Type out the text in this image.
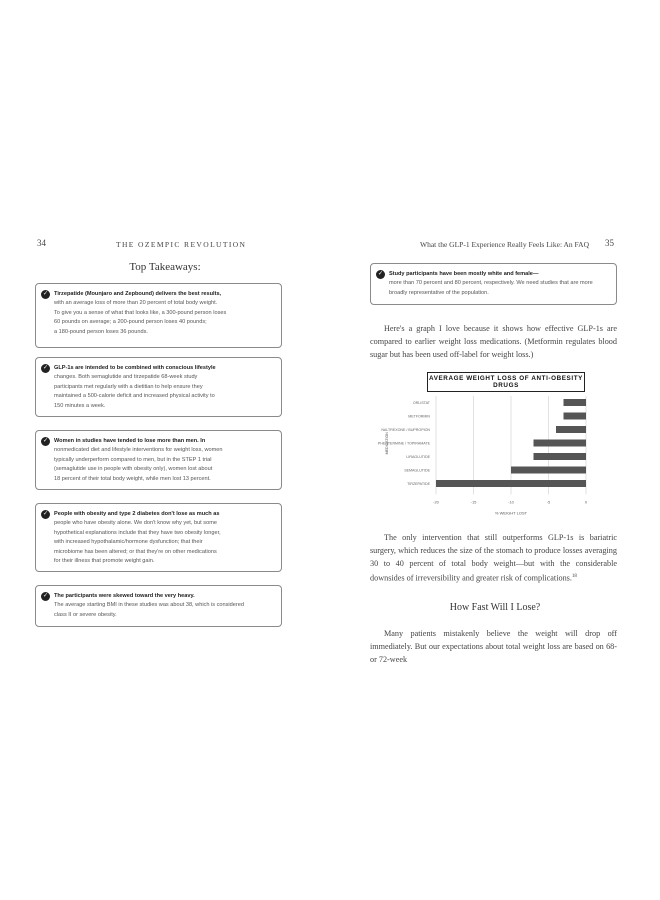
34	THE OZEMPIC REVOLUTION
Top Takeaways:
✓	Tirzepatide (Mounjaro and Zepbound) delivers the best results,
with an average loss of more than 20 percent of total body weight.
To give you a sense of what that looks like, a 300-pound person loses
60 pounds on average; a 200-pound person loses 40 pounds;
a 180-pound person loses 36 pounds.
✓	GLP-1s are intended to be combined with conscious lifestyle
changes. Both semaglutide and tirzepatide 68-week study
participants met regularly with a dietitian to help ensure they
maintained a 500-calorie deficit and increased physical activity to
150 minutes a week.
✓	Women in studies have tended to lose more than men. In
nonmedicated diet and lifestyle interventions for weight loss, women
typically underperform compared to men, but in the STEP 1 trial
(semaglutide use in people with obesity only), women lost about
18 percent of their total body weight, while men lost 13 percent.
✓	People with obesity and type 2 diabetes don't lose as much as
people who have obesity alone. We don't know why yet, but some
hypothetical explanations include that they have two obesity longer,
with increased hypothalamic/hormone dysfunction; that their
microbiome has been altered; or that they're on other medications
for their illness that promote weight gain.
✓	The participants were skewed toward the very heavy.
The average starting BMI in these studies was about 38, which is considered
class II or severe obesity.
What the GLP-1 Experience Really Feels Like: An FAQ 35
✓	Study participants have been mostly white and female—
more than 70 percent and 80 percent, respectively. We need studies that are more
broadly representative of the population.
Here's a graph I love because it shows how effective GLP-1s are compared to earlier weight loss medications. (Metformin regulates blood sugar but has been used off-label for weight loss.)
AVERAGE WEIGHT LOSS OF ANTI-OBESITY DRUGS
-20	-15	-10	-5	0
ORLISTAT
METFORMIN
NALTREXONE / BUPROPION
PHENTERMINE / TOPIRAMATE
LIRAGLUTIDE
SEMAGLUTIDE
TIRZEPATIDE
% WEIGHT LOST
MEDICATION
The only intervention that still outperforms GLP-1s is bariatric surgery, which reduces the size of the stomach to produce losses averaging 30 to 40 percent of total body weight—but with the considerable downsides of irreversibility and greater risk of complications.$^{18}$
How Fast Will I Lose?
Many patients mistakenly believe the weight will drop off immediately. But our expectations about total weight loss are based on 68- or 72-week
